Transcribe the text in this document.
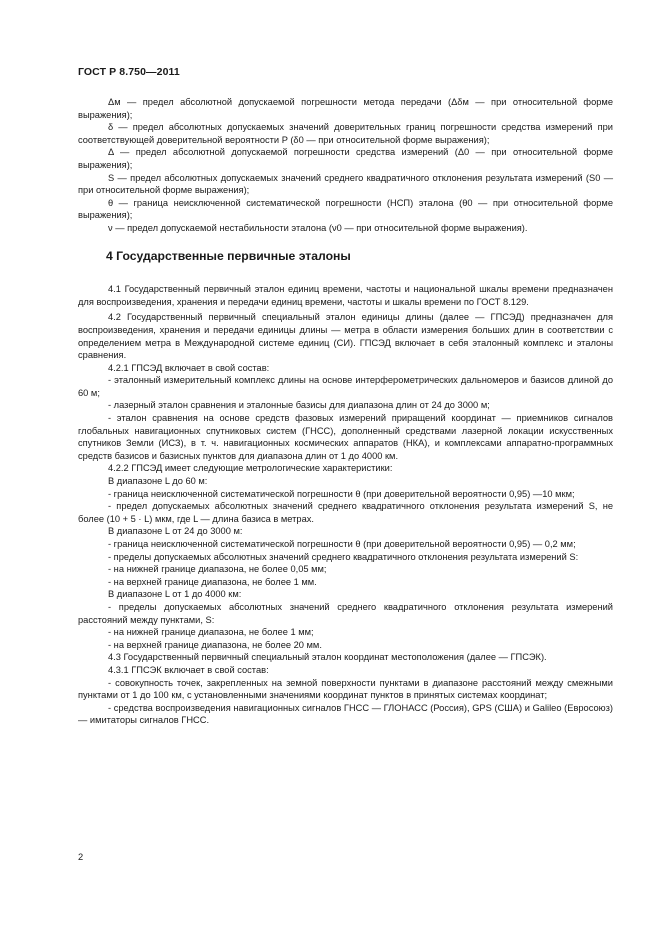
ГОСТ Р 8.750—2011

Δм — предел абсолютной допускаемой погрешности метода передачи (Δδм — при относительной форме выражения);

δ — предел абсолютных допускаемых значений доверительных границ погрешности средства измерений при соответствующей доверительной вероятности P (δ0 — при относительной форме выражения);

Δ — предел абсолютной допускаемой погрешности средства измерений (Δ0 — при относительной форме выражения);

S — предел абсолютных допускаемых значений среднего квадратичного отклонения результата измерений (S0 — при относительной форме выражения);

θ — граница неисключенной систематической погрешности (НСП) эталона (θ0 — при относительной форме выражения);

ν — предел допускаемой нестабильности эталона (ν0 — при относительной форме выражения).

4 Государственные первичные эталоны

4.1 Государственный первичный эталон единиц времени, частоты и национальной шкалы времени предназначен для воспроизведения, хранения и передачи единиц времени, частоты и шкалы времени по ГОСТ 8.129.

4.2 Государственный первичный специальный эталон единицы длины (далее — ГПСЭД) предназначен для воспроизведения, хранения и передачи единицы длины — метра в области измерения больших длин в соответствии с определением метра в Международной системе единиц (СИ). ГПСЭД включает в себя эталонный комплекс и эталоны сравнения.

4.2.1 ГПСЭД включает в свой состав:

- эталонный измерительный комплекс длины на основе интерферометрических дальномеров и базисов длиной до 60 м;

- лазерный эталон сравнения и эталонные базисы для диапазона длин от 24 до 3000 м;

- эталон сравнения на основе средств фазовых измерений приращений координат — приемников сигналов глобальных навигационных спутниковых систем (ГНСС), дополненный средствами лазерной локации искусственных спутников Земли (ИСЗ), в т. ч. навигационных космических аппаратов (НКА), и комплексами аппаратно-программных средств базисов и базисных пунктов для диапазона длин от 1 до 4000 км.

4.2.2 ГПСЭД имеет следующие метрологические характеристики:

В диапазоне L до 60 м:

- граница неисключенной систематической погрешности θ (при доверительной вероятности 0,95) —10 мкм;

- предел допускаемых абсолютных значений среднего квадратичного отклонения результата измерений S, не более (10 + 5 · L) мкм, где L — длина базиса в метрах.

В диапазоне L от 24 до 3000 м:

- граница неисключенной систематической погрешности θ (при доверительной вероятности 0,95) — 0,2 мм;

- пределы допускаемых абсолютных значений среднего квадратичного отклонения результата измерений S:

- на нижней границе диапазона, не более 0,05 мм;

- на верхней границе диапазона, не более 1 мм.

В диапазоне L от 1 до 4000 км:

- пределы допускаемых абсолютных значений среднего квадратичного отклонения результата измерений расстояний между пунктами, S:

- на нижней границе диапазона, не более 1 мм;

- на верхней границе диапазона, не более 20 мм.

4.3 Государственный первичный специальный эталон координат местоположения (далее — ГПСЭК).

4.3.1 ГПСЭК включает в свой состав:

- совокупность точек, закрепленных на земной поверхности пунктами в диапазоне расстояний между смежными пунктами от 1 до 100 км, с установленными значениями координат пунктов в принятых системах координат;

- средства воспроизведения навигационных сигналов ГНСС — ГЛОНАСС (Россия), GPS (США) и Galileo (Евросоюз) — имитаторы сигналов ГНСС.

2
